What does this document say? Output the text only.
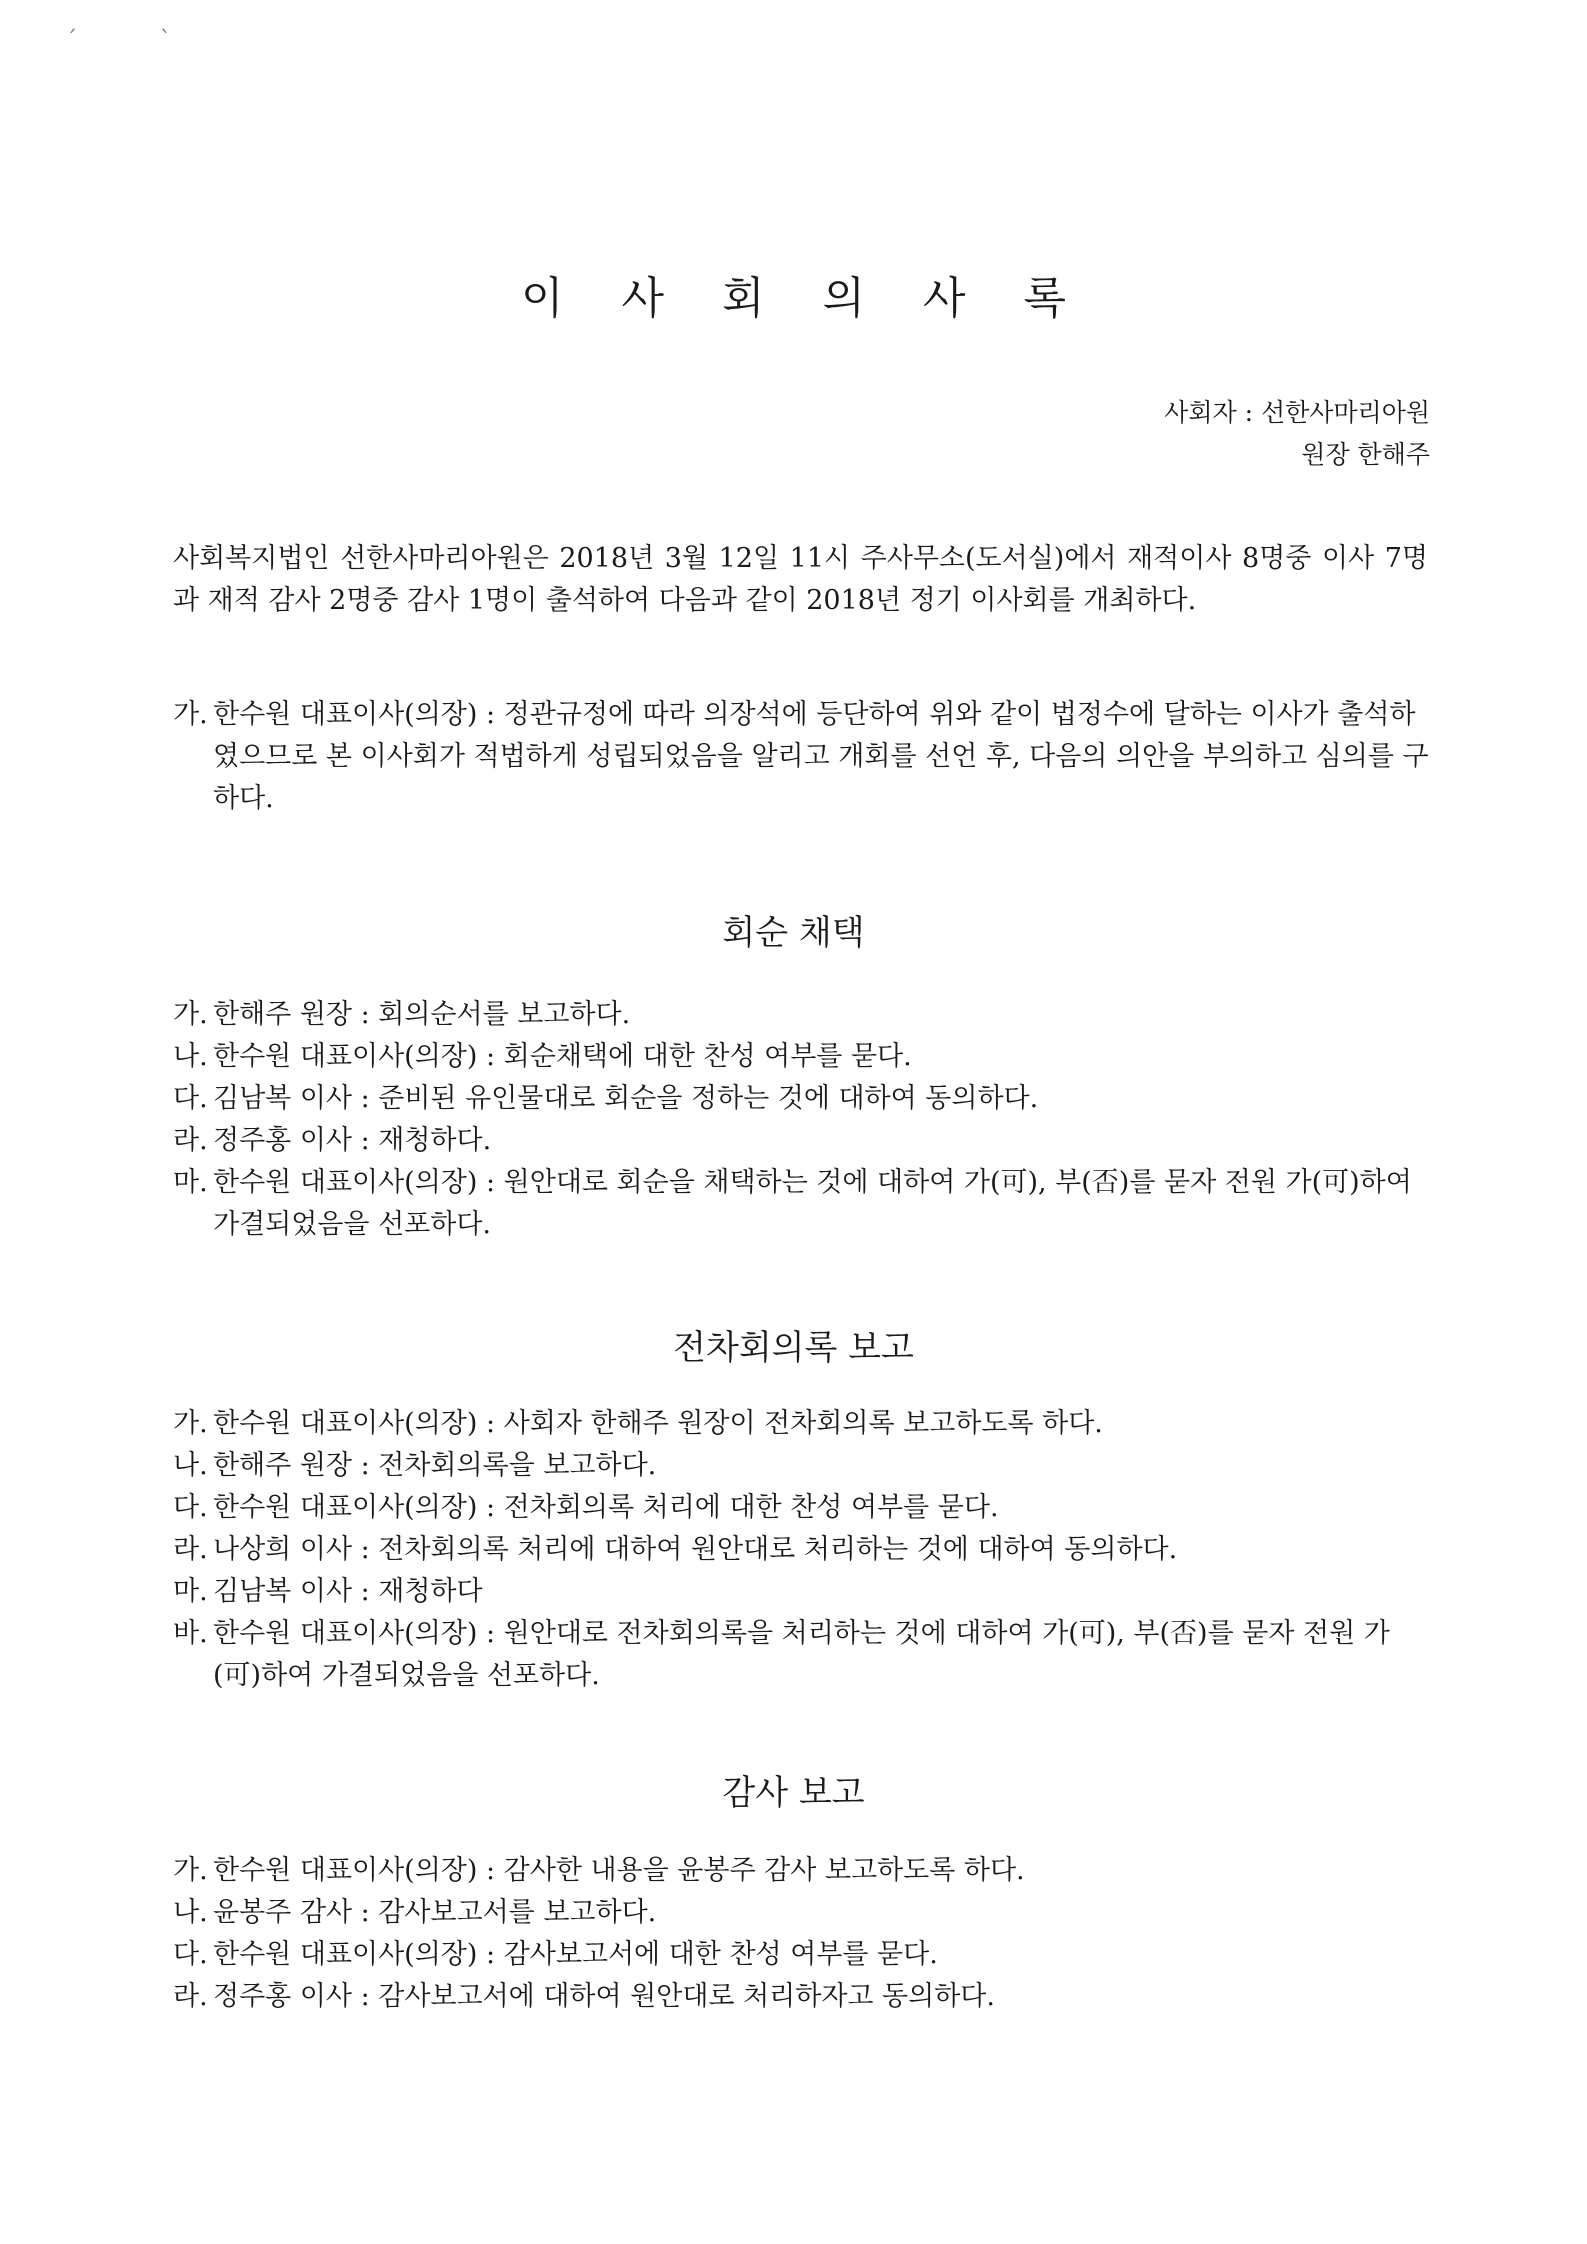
ˊ	ˋ
이 사 회 의 사 록
사회자 : 선한사마리아원
원장 한해주

사회복지법인 선한사마리아원은 2018년 3월 12일 11시 주사무소(도서실)에서 재적이사 8명중 이사 7명과 재적 감사 2명중 감사 1명이 출석하여 다음과 같이 2018년 정기 이사회를 개최하다.

가. 한수원 대표이사(의장) : 정관규정에 따라 의장석에 등단하여 위와 같이 법정수에 달하는 이사가 출석하였으므로 본 이사회가 적법하게 성립되었음을 알리고 개회를 선언 후, 다음의 의안을 부의하고 심의를 구하다.
회순 채택
가. 한해주 원장 : 회의순서를 보고하다.
나. 한수원 대표이사(의장) : 회순채택에 대한 찬성 여부를 묻다.
다. 김남복 이사 : 준비된 유인물대로 회순을 정하는 것에 대하여 동의하다.
라. 정주홍 이사 : 재청하다.
마. 한수원 대표이사(의장) : 원안대로 회순을 채택하는 것에 대하여 가(可), 부(否)를 묻자 전원 가(可)하여 가결되었음을 선포하다.
전차회의록 보고
가. 한수원 대표이사(의장) : 사회자 한해주 원장이 전차회의록 보고하도록 하다.
나. 한해주 원장 : 전차회의록을 보고하다.
다. 한수원 대표이사(의장) : 전차회의록 처리에 대한 찬성 여부를 묻다.
라. 나상희 이사 : 전차회의록 처리에 대하여 원안대로 처리하는 것에 대하여 동의하다.
마. 김남복 이사 : 재청하다
바. 한수원 대표이사(의장) : 원안대로 전차회의록을 처리하는 것에 대하여 가(可), 부(否)를 묻자 전원 가(可)하여 가결되었음을 선포하다.
감사 보고
가. 한수원 대표이사(의장) : 감사한 내용을 윤봉주 감사 보고하도록 하다.
나. 윤봉주 감사 : 감사보고서를 보고하다.
다. 한수원 대표이사(의장) : 감사보고서에 대한 찬성 여부를 묻다.
라. 정주홍 이사 : 감사보고서에 대하여 원안대로 처리하자고 동의하다.
